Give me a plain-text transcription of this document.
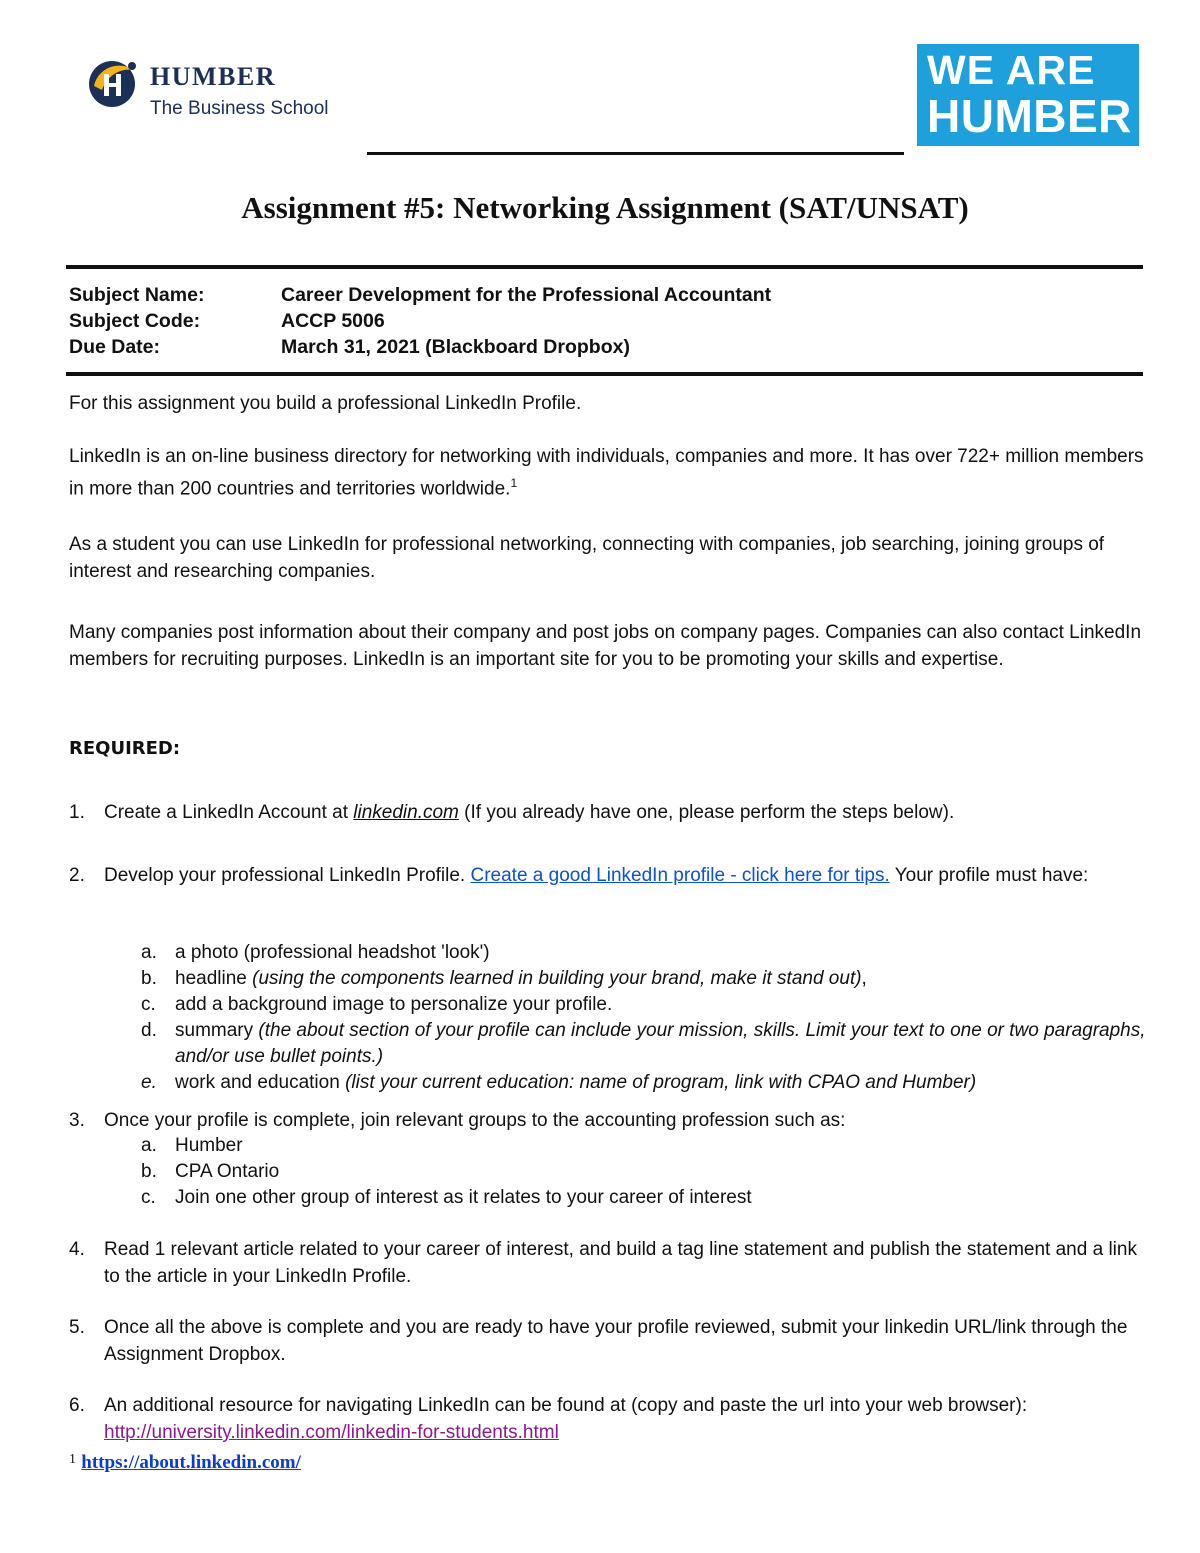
HUMBER
The Business School
WE ARE
HUMBER
Assignment #5: Networking Assignment (SAT/UNSAT)
Subject Name:	Career Development for the Professional Accountant
Subject Code:	ACCP 5006
Due Date:	March 31, 2021 (Blackboard Dropbox)
For this assignment you build a professional LinkedIn Profile.
LinkedIn is an on-line business directory for networking with individuals, companies and more. It has over 722+ million members in more than 200 countries and territories worldwide.$^1$
As a student you can use LinkedIn for professional networking, connecting with companies, job searching, joining groups of interest and researching companies.
Many companies post information about their company and post jobs on company pages. Companies can also contact LinkedIn members for recruiting purposes. LinkedIn is an important site for you to be promoting your skills and expertise.
REQUIRED:
1. Create a LinkedIn Account at linkedin.com (If you already have one, please perform the steps below).
2. Develop your professional LinkedIn Profile. Create a good LinkedIn profile - click here for tips. Your profile must have:
a. a photo (professional headshot 'look')
b. headline (using the components learned in building your brand, make it stand out),
c. add a background image to personalize your profile.
d. summary (the about section of your profile can include your mission, skills. Limit your text to one or two paragraphs, and/or use bullet points.)
e. work and education (list your current education: name of program, link with CPAO and Humber)
3. Once your profile is complete, join relevant groups to the accounting profession such as:
a. Humber
b. CPA Ontario
c. Join one other group of interest as it relates to your career of interest
4. Read 1 relevant article related to your career of interest, and build a tag line statement and publish the statement and a link to the article in your LinkedIn Profile.
5. Once all the above is complete and you are ready to have your profile reviewed, submit your linkedin URL/link through the Assignment Dropbox.
6. An additional resource for navigating LinkedIn can be found at (copy and paste the url into your web browser): http://university.linkedin.com/linkedin-for-students.html
$^1$ https://about.linkedin.com/
